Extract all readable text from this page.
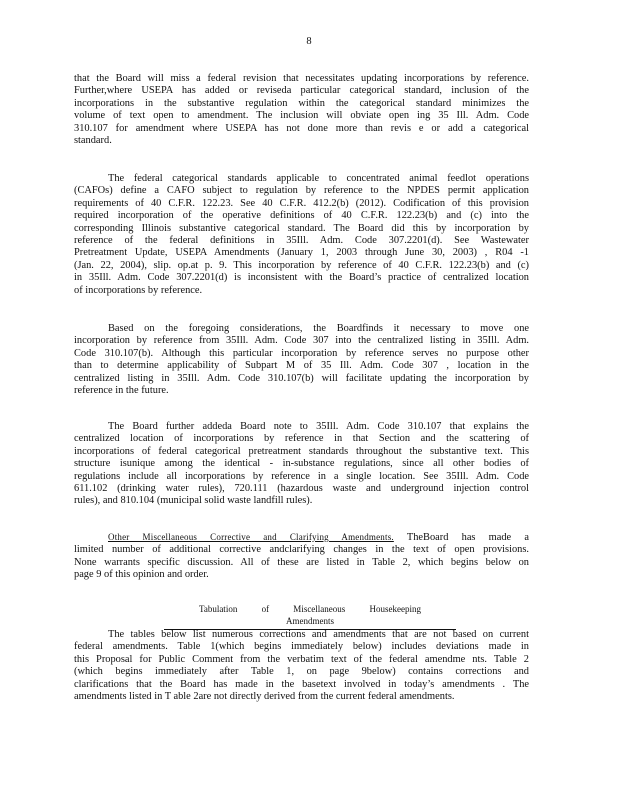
8
that the Board will miss a federal revision that necessitates updating incorporations by reference.
Further,where USEPA has added or reviseda particular categorical standard, inclusion of the
incorporations in the substantive regulation within the categorical standard minimizes the
volume of text open to amendment. The inclusion will obviate open ing 35 Ill. Adm. Code
310.107 for amendment where USEPA has not done more than revis e or add a categorical
standard.
The federal categorical standards applicable to concentrated animal feedlot operations
(CAFOs) define a CAFO subject to regulation by reference to the NPDES permit application
requirements of 40 C.F.R. 122.23. See 40 C.F.R. 412.2(b) (2012). Codification of this provision
required incorporation of the operative definitions of 40 C.F.R. 122.23(b) and (c) into the
corresponding Illinois substantive categorical standard. The Board did this by incorporation by
reference of the federal definitions in 35Ill. Adm. Code 307.2201(d). See Wastewater
Pretreatment Update, USEPA Amendments (January 1, 2003 through June 30, 2003) , R04 -1
(Jan. 22, 2004), slip. op.at p. 9. This incorporation by reference of 40 C.F.R. 122.23(b) and (c)
in 35Ill. Adm. Code 307.2201(d) is inconsistent with the Board’s practice of centralized location
of incorporations by reference.
Based on the foregoing considerations, the Boardfinds it necessary to move one
incorporation by reference from 35Ill. Adm. Code 307 into the centralized listing in 35Ill. Adm.
Code 310.107(b). Although this particular incorporation by reference serves no purpose other
than to determine applicability of Subpart M of 35 Ill. Adm. Code 307 , location in the
centralized listing in 35Ill. Adm. Code 310.107(b) will facilitate updating the incorporation by
reference in the future.
The Board further addeda Board note to 35Ill. Adm. Code 310.107 that explains the
centralized location of incorporations by reference in that Section and the scattering of
incorporations of federal categorical pretreatment standards throughout the substantive text. This
structure isunique among the identical - in-substance regulations, since all other bodies of
regulations include all incorporations by reference in a single location. See 35Ill. Adm. Code
611.102 (drinking water rules), 720.111 (hazardous waste and underground injection control
rules), and 810.104 (municipal solid waste landfill rules).
Other Miscellaneous Corrective and Clarifying Amendments. TheBoard has made a
limited number of additional corrective andclarifying changes in the text of open provisions.
None warrants specific discussion. All of these are listed in Table 2, which begins below on
page 9 of this opinion and order.
Tabulation of Miscellaneous Housekeeping Amendments
The tables below list numerous corrections and amendments that are not based on current
federal amendments. Table 1(which begins immediately below) includes deviations made in
this Proposal for Public Comment from the verbatim text of the federal amendme nts. Table 2
(which begins immediately after Table 1, on page 9below) contains corrections and
clarifications that the Board has made in the basetext involved in today’s amendments . The
amendments listed in T able 2are not directly derived from the current federal amendments.
